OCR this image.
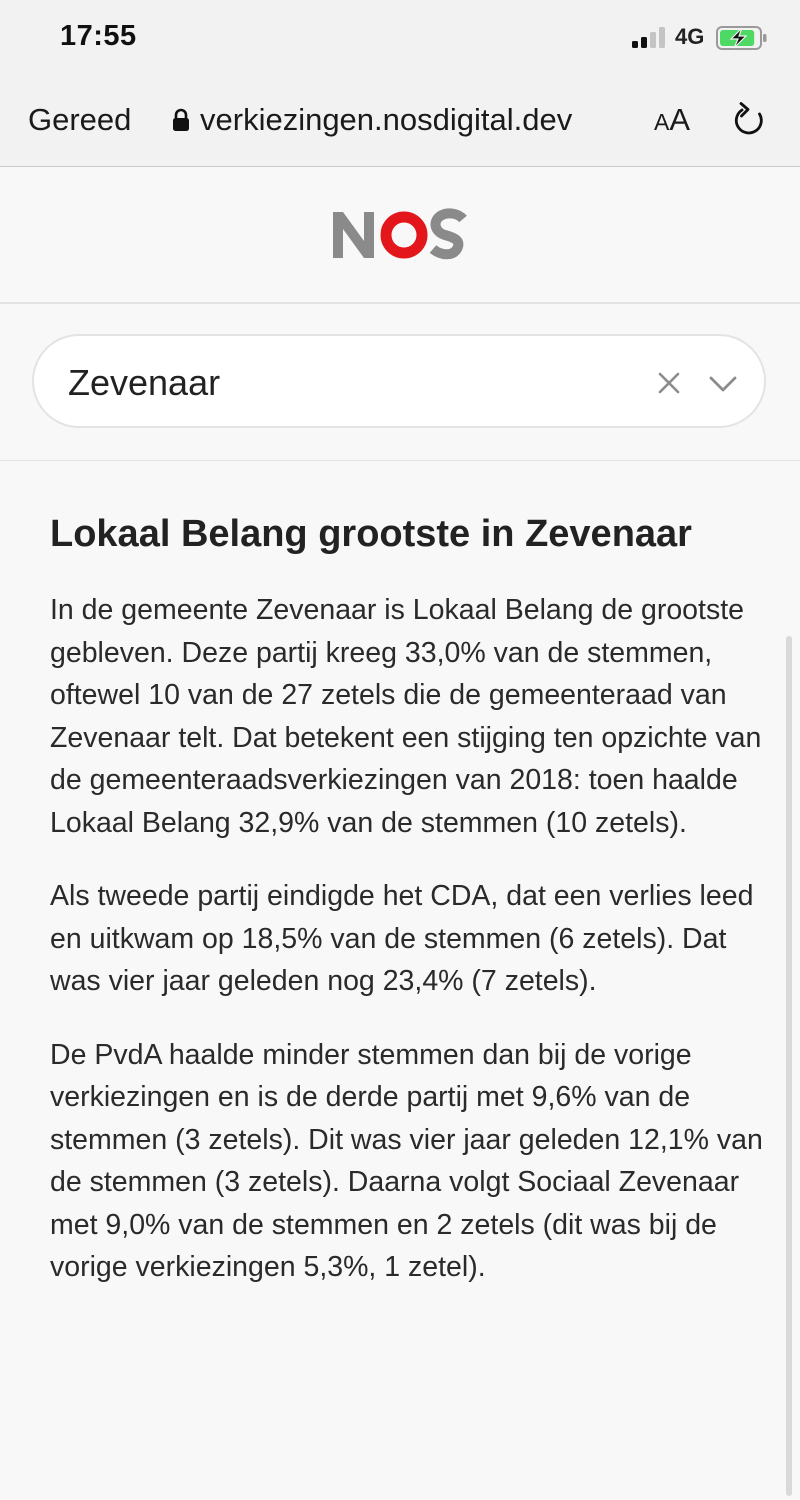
17:55	4G
Gereed verkiezingen.nosdigital.dev	AA
Zevenaar
Lokaal Belang grootste in Zevenaar

In de gemeente Zevenaar is Lokaal Belang de grootste gebleven. Deze partij kreeg 33,0% van de stemmen, oftewel 10 van de 27 zetels die de gemeenteraad van Zevenaar telt. Dat betekent een stijging ten opzichte van de gemeenteraadsverkiezingen van 2018: toen haalde Lokaal Belang 32,9% van de stemmen (10 zetels).

Als tweede partij eindigde het CDA, dat een verlies leed en uitkwam op 18,5% van de stemmen (6 zetels). Dat was vier jaar geleden nog 23,4% (7 zetels).

De PvdA haalde minder stemmen dan bij de vorige verkiezingen en is de derde partij met 9,6% van de stemmen (3 zetels). Dit was vier jaar geleden 12,1% van de stemmen (3 zetels). Daarna volgt Sociaal Zevenaar met 9,0% van de stemmen en 2 zetels (dit was bij de vorige verkiezingen 5,3%, 1 zetel).
